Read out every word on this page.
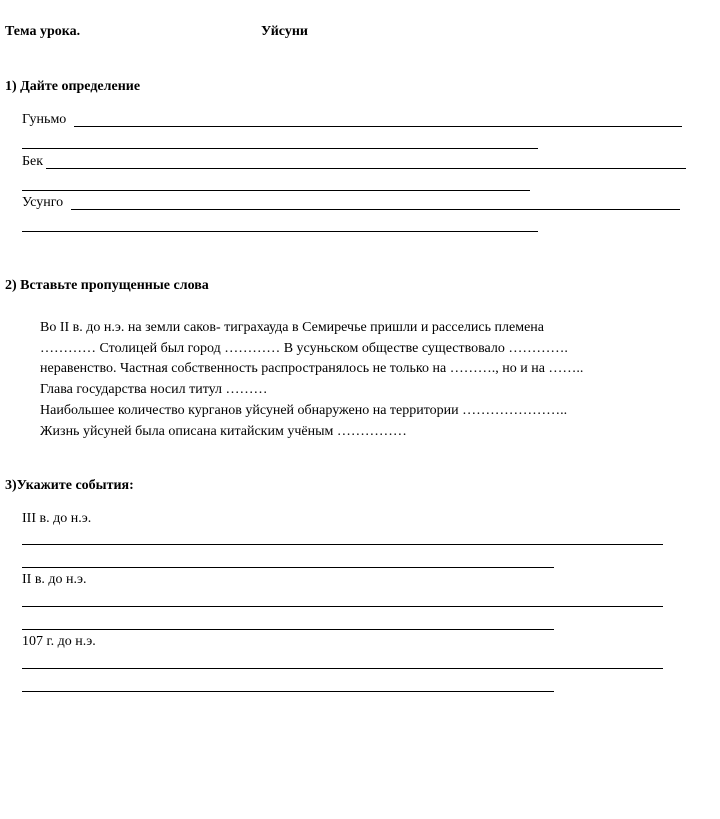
Тема урока.	Уйсуни
1) Дайте определение
Гуньмо
Бек
Усунго
2) Вставьте пропущенные слова
Во II в. до н.э. на земли саков- тиграхауда в Семиречье пришли и расселись племена
………… Столицей был город ………… В усуньском обществе существовало ………….
неравенство. Частная собственность распространялось не только на ………., но и на ……..
Глава государства носил титул ………
Наибольшее количество курганов уйсуней обнаружено на территории …………………..
Жизнь уйсуней была описана китайским учёным ……………
3)Укажите события:
III в. до н.э.
II в. до н.э.
107 г. до н.э.
